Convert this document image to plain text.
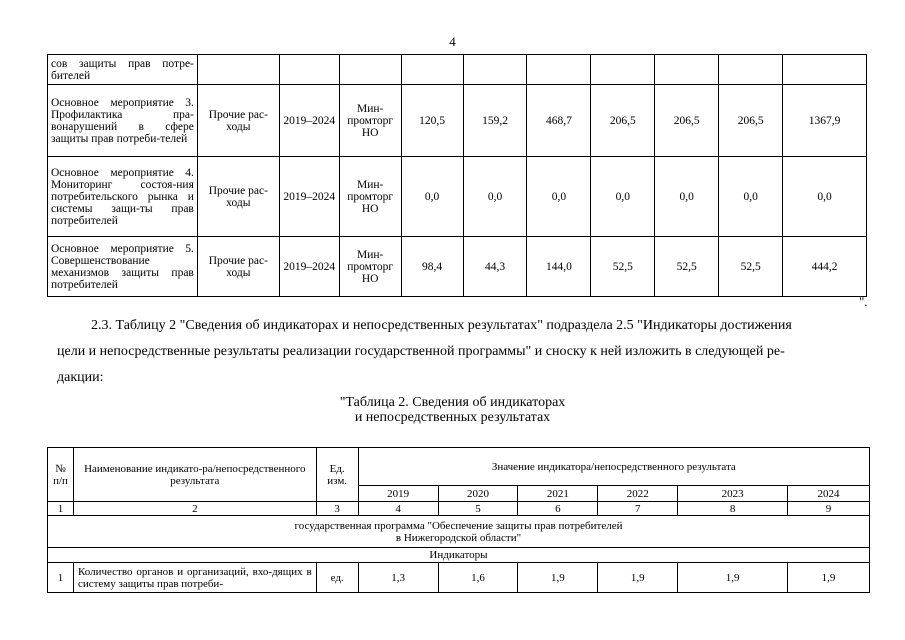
4
сов защиты прав потре-бителей										
Основное мероприятие 3. Профилактика пра-вонарушений в сфере защиты прав потреби-телей	Прочие рас-ходы	2019–2024	Мин-промторг НО	120,5	159,2	468,7	206,5	206,5	206,5	1367,9
Основное мероприятие 4. Мониторинг состоя-ния потребительского рынка и системы защи-ты прав потребителей	Прочие рас-ходы	2019–2024	Мин-промторг НО	0,0	0,0	0,0	0,0	0,0	0,0	0,0
Основное мероприятие 5. Совершенствование механизмов защиты прав потребителей	Прочие рас-ходы	2019–2024	Мин-промторг НО	98,4	44,3	144,0	52,5	52,5	52,5	444,2
".
2.3. Таблицу 2 "Сведения об индикаторах и непосредственных результатах" подраздела 2.5 "Индикаторы достижения
цели и непосредственные результаты реализации государственной программы" и сноску к ней изложить в следующей ре-
дакции:
"Таблица 2. Сведения об индикаторах
и непосредственных результатах
№ п/п	Наименование индикато-ра/непосредственного результата	Ед. изм.	Значение индикатора/непосредственного результата					
			2019	2020	2021	2022	2023	2024
1	2	3	4	5	6	7	8	9

государственная программа "Обеспечение защиты прав потребителей
в Нижегородской области"								

Индикаторы								
1	Количество органов и организаций, вхо-дящих в систему защиты прав потреби-	ед.	1,3	1,6	1,9	1,9	1,9	1,9
